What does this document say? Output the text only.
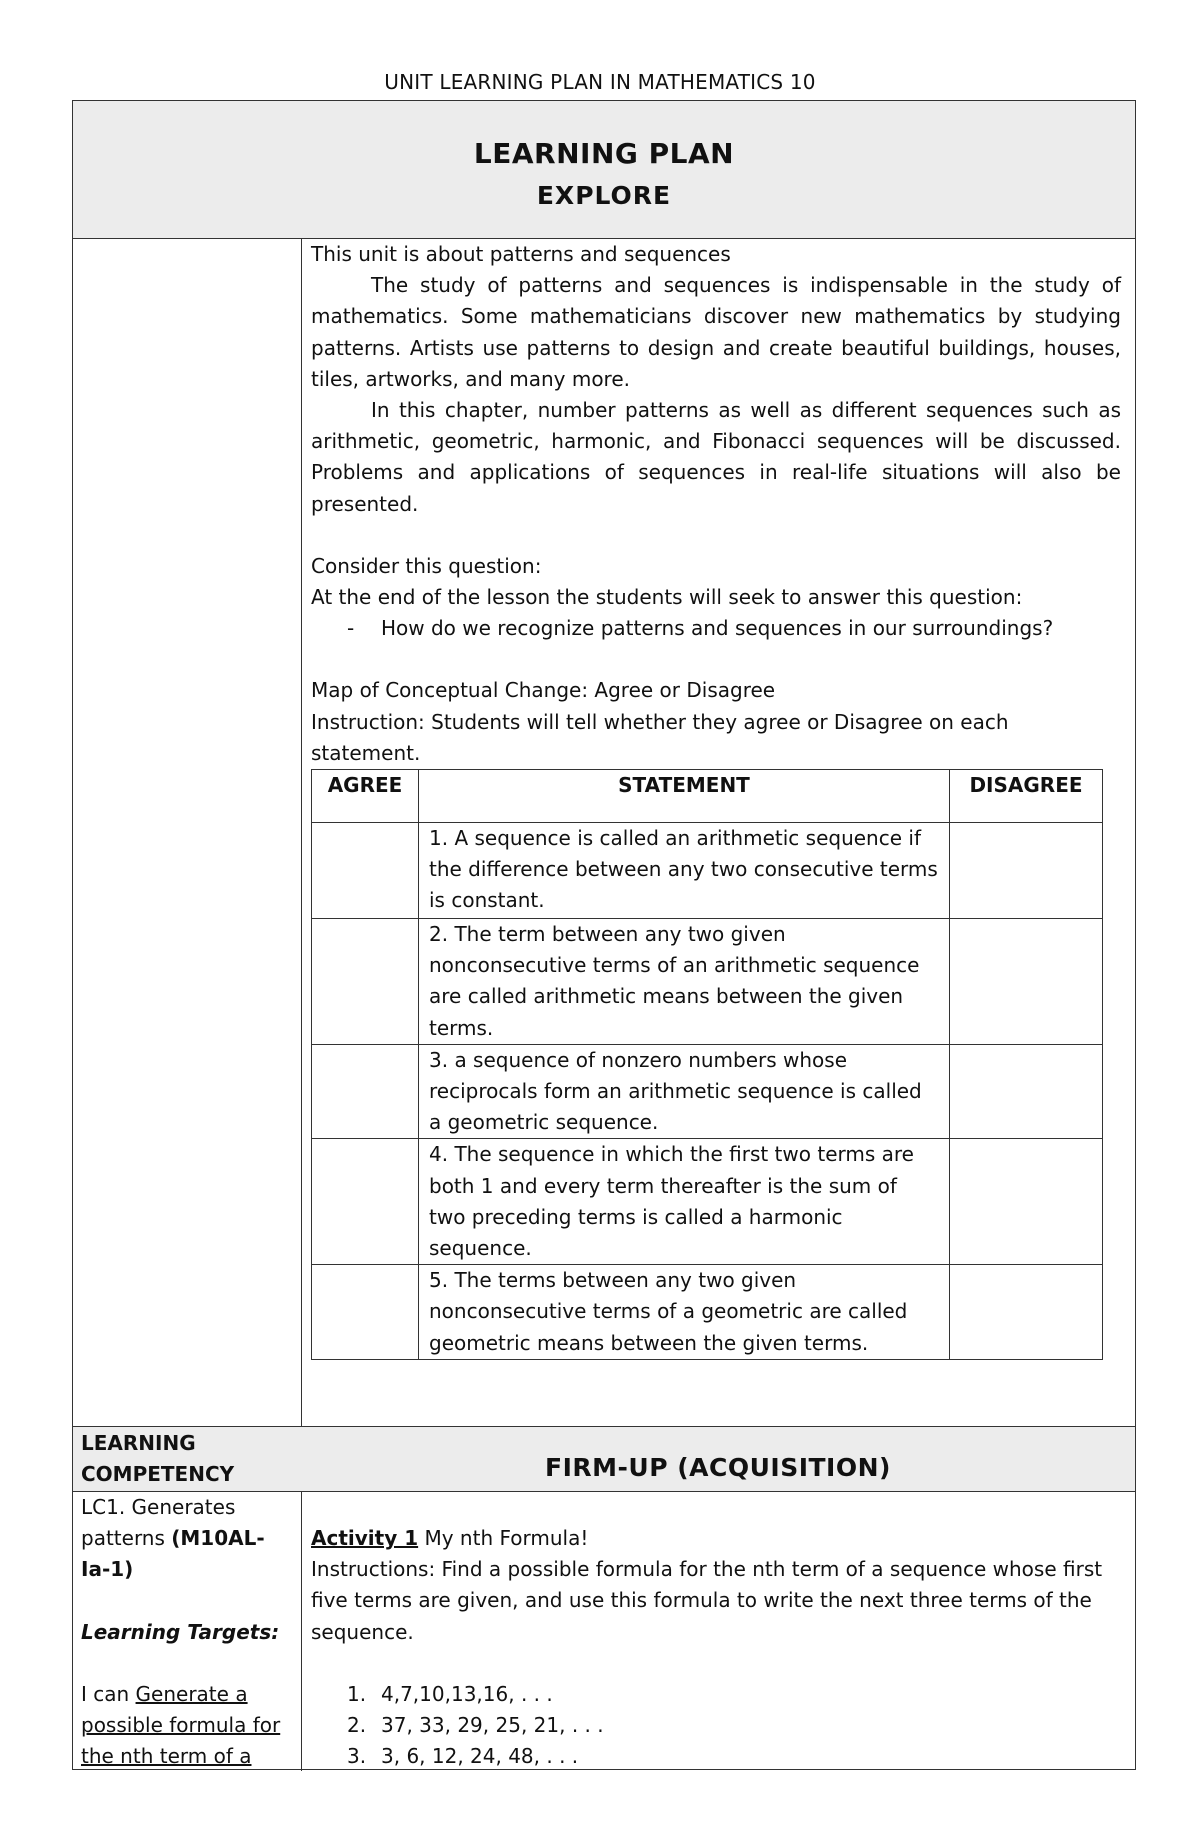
UNIT LEARNING PLAN IN MATHEMATICS 10
LEARNING PLAN
EXPLORE

This unit is about patterns and sequences

The study of patterns and sequences is indispensable in the study of mathematics. Some mathematicians discover new mathematics by studying patterns. Artists use patterns to design and create beautiful buildings, houses, tiles, artworks, and many more.

In this chapter, number patterns as well as different sequences such as arithmetic, geometric, harmonic, and Fibonacci sequences will be discussed. Problems and applications of sequences in real-life situations will also be presented.

Consider this question:

At the end of the lesson the students will seek to answer this question:

-	How do we recognize patterns and sequences in our surroundings?

Map of Conceptual Change: Agree or Disagree

Instruction: Students will tell whether they agree or Disagree on each statement.

AGREE	STATEMENT	DISAGREE
	1. A sequence is called an arithmetic sequence if the difference between any two consecutive terms is constant.	
	2. The term between any two given nonconsecutive terms of an arithmetic sequence are called arithmetic means between the given terms.	
	3. a sequence of nonzero numbers whose reciprocals form an arithmetic sequence is called a geometric sequence.	
	4. The sequence in which the first two terms are both 1 and every term thereafter is the sum of two preceding terms is called a harmonic sequence.	
	5. The terms between any two given nonconsecutive terms of a geometric are called geometric means between the given terms.	
LEARNING COMPETENCY	FIRM-UP (ACQUISITION)

LC1. Generates patterns (M10AL-Ia-1)

Learning Targets:

I can Generate a possible formula for the nth term of a

Activity 1 My nth Formula!

Instructions: Find a possible formula for the nth term of a sequence whose first five terms are given, and use this formula to write the next three terms of the sequence.

1. 4,7,10,13,16, . . .
2. 37, 33, 29, 25, 21, . . .
3. 3, 6, 12, 24, 48, . . .
